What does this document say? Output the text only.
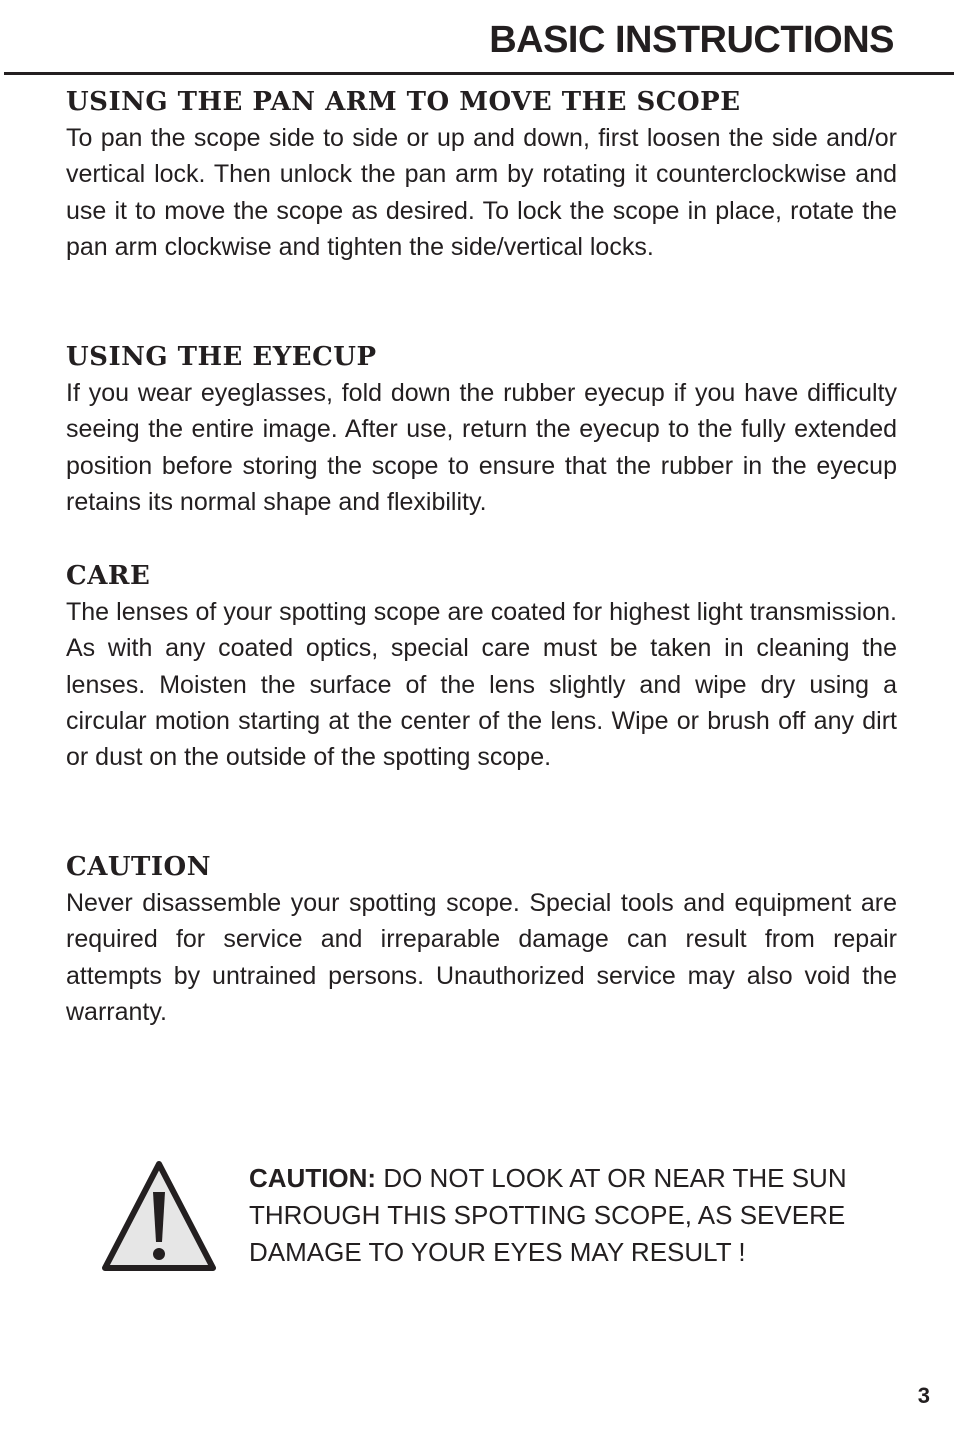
BASIC INSTRUCTIONS
USING THE PAN ARM TO MOVE THE SCOPE

To pan the scope side to side or up and down, first loosen the side and/or vertical lock. Then unlock the pan arm by rotating it counterclockwise and use it to move the scope as desired. To lock the scope in place, rotate the pan arm clockwise and tighten the side/vertical locks.

USING THE EYECUP

If you wear eyeglasses, fold down the rubber eyecup if you have difficulty seeing the entire image. After use, return the eyecup to the fully extended position before storing the scope to ensure that the rubber in the eyecup retains its normal shape and flexibility.

CARE

The lenses of your spotting scope are coated for highest light transmission. As with any coated optics, special care must be taken in cleaning the lenses. Moisten the surface of the lens slightly and wipe dry using a circular motion starting at the center of the lens. Wipe or brush off any dirt or dust on the outside of the spotting scope.

CAUTION

Never disassemble your spotting scope. Special tools and equipment are required for service and irreparable damage can result from repair attempts by untrained persons. Unauthorized service may also void the warranty.

CAUTION: DO NOT LOOK AT OR NEAR THE SUN THROUGH THIS SPOTTING SCOPE, AS SEVERE DAMAGE TO YOUR EYES MAY RESULT !
3
